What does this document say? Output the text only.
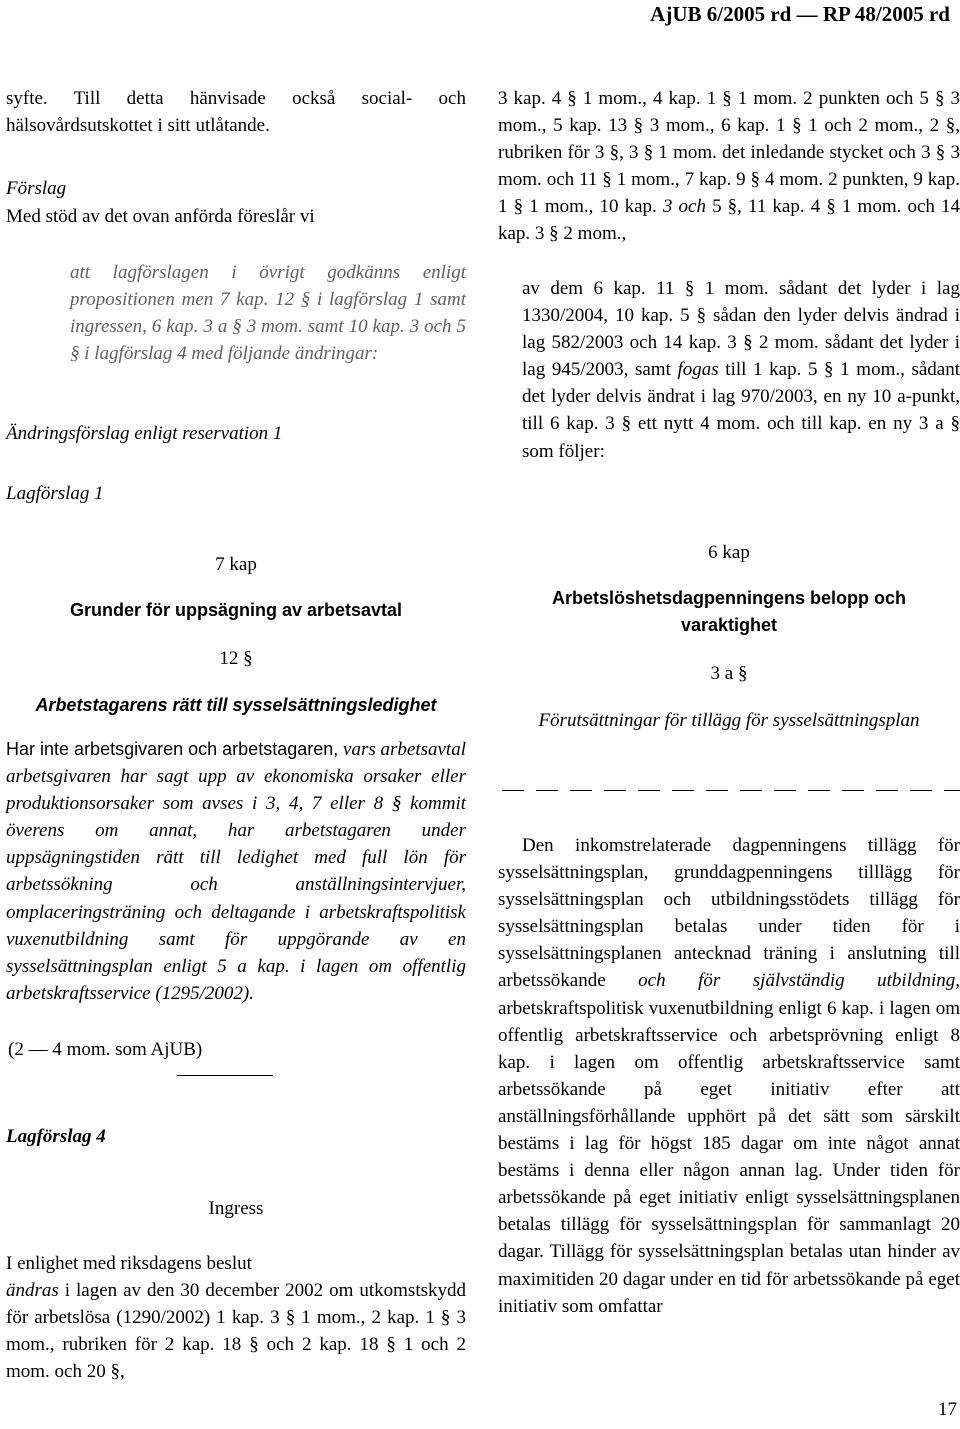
AjUB 6/2005 rd — RP 48/2005 rd
syfte. Till detta hänvisade också social- och hälsovårdsutskottet i sitt utlåtande.
Förslag
Med stöd av det ovan anförda föreslår vi
att lagförslagen i övrigt godkänns enligt propositionen men 7 kap. 12 § i lagförslag 1 samt ingressen, 6 kap. 3 a § 3 mom. samt 10 kap. 3 och 5 § i lagförslag 4 med följande ändringar:
Ändringsförslag enligt reservation 1
Lagförslag 1
7 kap
Grunder för uppsägning av arbetsavtal
12 §
Arbetstagarens rätt till sysselsättningsledighet
Har inte arbetsgivaren och arbetstagaren, vars arbetsavtal arbetsgivaren har sagt upp av ekonomiska orsaker eller produktionsorsaker som avses i 3, 4, 7 eller 8 § kommit överens om annat, har arbetstagaren under uppsägningstiden rätt till ledighet med full lön för arbetssökning och anställningsintervjuer, omplaceringsträning och deltagande i arbetskraftspolitisk vuxenutbildning samt för uppgörande av en sysselsättningsplan enligt 5 a kap. i lagen om offentlig arbetskraftsservice (1295/2002).
(2 — 4 mom. som AjUB)
Lagförslag 4
Ingress
I enlighet med riksdagens beslut
ändras i lagen av den 30 december 2002 om utkomstskydd för arbetslösa (1290/2002) 1 kap. 3 § 1 mom., 2 kap. 1 § 3 mom., rubriken för 2 kap. 18 § och 2 kap. 18 § 1 och 2 mom. och 20 §,
3 kap. 4 § 1 mom., 4 kap. 1 § 1 mom. 2 punkten och 5 § 3 mom., 5 kap. 13 § 3 mom., 6 kap. 1 § 1 och 2 mom., 2 §, rubriken för 3 §, 3 § 1 mom. det inledande stycket och 3 § 3 mom. och 11 § 1 mom., 7 kap. 9 § 4 mom. 2 punkten, 9 kap. 1 § 1 mom., 10 kap. 3 och 5 §, 11 kap. 4 § 1 mom. och 14 kap. 3 § 2 mom.,
av dem 6 kap. 11 § 1 mom. sådant det lyder i lag 1330/2004, 10 kap. 5 § sådan den lyder delvis ändrad i lag 582/2003 och 14 kap. 3 § 2 mom. sådant det lyder i lag 945/2003, samt fogas till 1 kap. 5 § 1 mom., sådant det lyder delvis ändrat i lag 970/2003, en ny 10 a-punkt, till 6 kap. 3 § ett nytt 4 mom. och till kap. en ny 3 a § som följer:
6 kap
Arbetslöshetsdagpenningens belopp och varaktighet
3 a §
Förutsättningar för tillägg för sysselsättningsplan
Den inkomstrelaterade dagpenningens tillägg för sysselsättningsplan, grunddagpenningens tilllägg för sysselsättningsplan och utbildningsstödets tillägg för sysselsättningsplan betalas under tiden för i sysselsättningsplanen antecknad träning i anslutning till arbetssökande och för självständig utbildning, arbetskraftspolitisk vuxenutbildning enligt 6 kap. i lagen om offentlig arbetskraftsservice och arbetsprövning enligt 8 kap. i lagen om offentlig arbetskraftsservice samt arbetssökande på eget initiativ efter att anställningsförhållande upphört på det sätt som särskilt bestäms i lag för högst 185 dagar om inte något annat bestäms i denna eller någon annan lag. Under tiden för arbetssökande på eget initiativ enligt sysselsättningsplanen betalas tillägg för sysselsättningsplan för sammanlagt 20 dagar. Tillägg för sysselsättningsplan betalas utan hinder av maximitiden 20 dagar under en tid för arbetssökande på eget initiativ som omfattar
17
